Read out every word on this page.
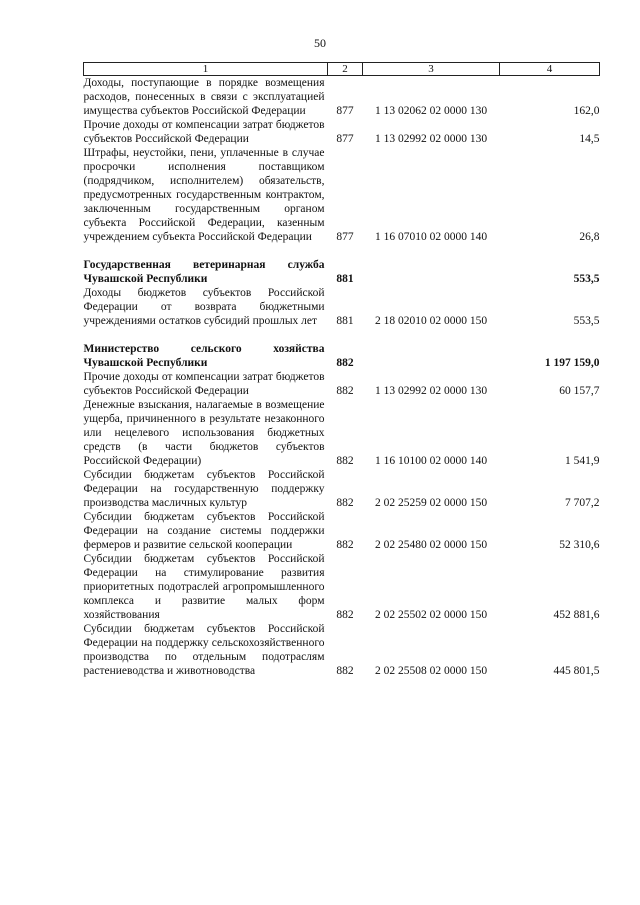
50
1	2	3	4
Доходы, поступающие в порядке возмещения расходов, понесенных в связи с эксплуатацией имущества субъектов Российской Федерации	877	1 13 02062 02 0000 130	162,0
Прочие доходы от компенсации затрат бюджетов субъектов Российской Федерации	877	1 13 02992 02 0000 130	14,5
Штрафы, неустойки, пени, уплаченные в случае просрочки исполнения поставщиком (подрядчиком, исполнителем) обязательств, предусмотренных государственным контрактом, заключенным государственным органом субъекта Российской Федерации, казенным учреждением субъекта Российской Федерации	877	1 16 07010 02 0000 140	26,8

Государственная ветеринарная служба Чувашской Республики	881		553,5
Доходы бюджетов субъектов Российской Федерации от возврата бюджетными учреждениями остатков субсидий прошлых лет	881	2 18 02010 02 0000 150	553,5

Министерство сельского хозяйства Чувашской Республики	882		1 197 159,0
Прочие доходы от компенсации затрат бюджетов субъектов Российской Федерации	882	1 13 02992 02 0000 130	60 157,7
Денежные взыскания, налагаемые в возмещение ущерба, причиненного в результате незаконного или нецелевого использования бюджетных средств (в части бюджетов субъектов Российской Федерации)	882	1 16 10100 02 0000 140	1 541,9
Субсидии бюджетам субъектов Российской Федерации на государственную поддержку производства масличных культур	882	2 02 25259 02 0000 150	7 707,2
Субсидии бюджетам субъектов Российской Федерации на создание системы поддержки фермеров и развитие сельской кооперации	882	2 02 25480 02 0000 150	52 310,6
Субсидии бюджетам субъектов Российской Федерации на стимулирование развития приоритетных подотраслей агропромышленного комплекса и развитие малых форм хозяйствования	882	2 02 25502 02 0000 150	452 881,6
Субсидии бюджетам субъектов Российской Федерации на поддержку сельскохозяйственного производства по отдельным подотраслям растениеводства и животноводства	882	2 02 25508 02 0000 150	445 801,5
